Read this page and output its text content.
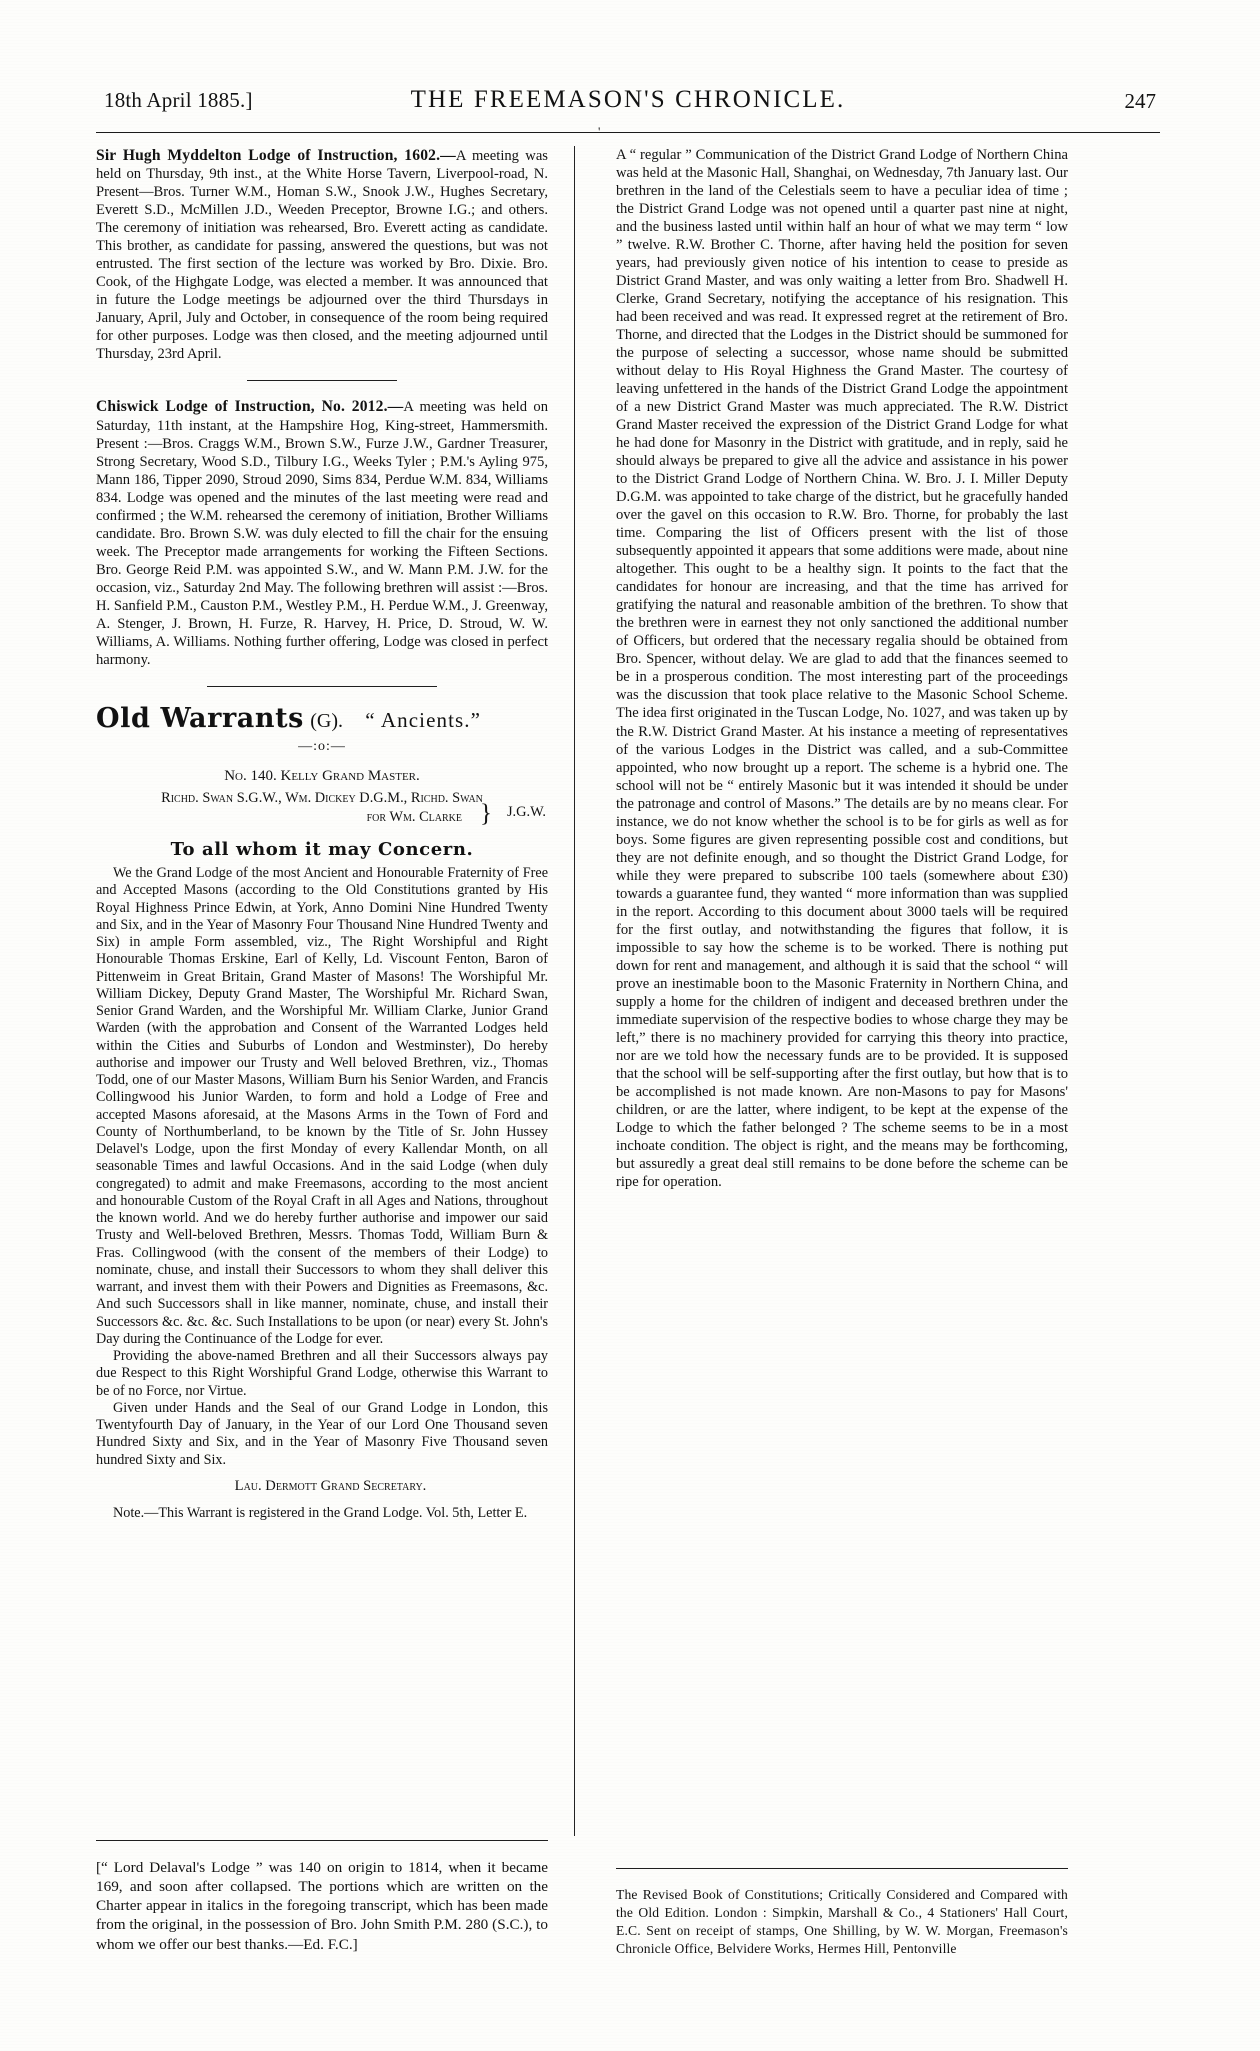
18th April 1885.]	THE FREEMASON'S CHRONICLE.	247
'

Sir Hugh Myddelton Lodge of Instruction, 1602.—A meeting was held on Thursday, 9th inst., at the White Horse Tavern, Liverpool-road, N. Present—Bros. Turner W.M., Homan S.W., Snook J.W., Hughes Secretary, Everett S.D., McMillen J.D., Weeden Preceptor, Browne I.G.; and others. The ceremony of initiation was rehearsed, Bro. Everett acting as candidate. This brother, as candidate for passing, answered the questions, but was not entrusted. The first section of the lecture was worked by Bro. Dixie. Bro. Cook, of the Highgate Lodge, was elected a member. It was announced that in future the Lodge meetings be adjourned over the third Thursdays in January, April, July and October, in consequence of the room being required for other purposes. Lodge was then closed, and the meeting adjourned until Thursday, 23rd April.

Chiswick Lodge of Instruction, No. 2012.—A meeting was held on Saturday, 11th instant, at the Hampshire Hog, King-street, Hammersmith. Present :—Bros. Craggs W.M., Brown S.W., Furze J.W., Gardner Treasurer, Strong Secretary, Wood S.D., Tilbury I.G., Weeks Tyler ; P.M.'s Ayling 975, Mann 186, Tipper 2090, Stroud 2090, Sims 834, Perdue W.M. 834, Williams 834. Lodge was opened and the minutes of the last meeting were read and confirmed ; the W.M. rehearsed the ceremony of initiation, Brother Williams candidate. Bro. Brown S.W. was duly elected to fill the chair for the ensuing week. The Preceptor made arrangements for working the Fifteen Sections. Bro. George Reid P.M. was appointed S.W., and W. Mann P.M. J.W. for the occasion, viz., Saturday 2nd May. The following brethren will assist :—Bros. H. Sanfield P.M., Causton P.M., Westley P.M., H. Perdue W.M., J. Greenway, A. Stenger, J. Brown, H. Furze, R. Harvey, H. Price, D. Stroud, W. W. Williams, A. Williams. Nothing further offering, Lodge was closed in perfect harmony.

Old Warrants (G). “ Ancients.”

—:o:—

No. 140. Kelly Grand Master.

Richd. Swan S.G.W., Wm. Dickey D.G.M., Richd. Swan
for Wm. Clarke } J.G.W.

To all whom it may Concern.

We the Grand Lodge of the most Ancient and Honourable Fraternity of Free and Accepted Masons (according to the Old Constitutions granted by His Royal Highness Prince Edwin, at York, Anno Domini Nine Hundred Twenty and Six, and in the Year of Masonry Four Thousand Nine Hundred Twenty and Six) in ample Form assembled, viz., The Right Worshipful and Right Honourable Thomas Erskine, Earl of Kelly, Ld. Viscount Fenton, Baron of Pittenweim in Great Britain, Grand Master of Masons! The Worshipful Mr. William Dickey, Deputy Grand Master, The Worshipful Mr. Richard Swan, Senior Grand Warden, and the Worshipful Mr. William Clarke, Junior Grand Warden (with the approbation and Consent of the Warranted Lodges held within the Cities and Suburbs of London and Westminster), Do hereby authorise and impower our Trusty and Well beloved Brethren, viz., Thomas Todd, one of our Master Masons, William Burn his Senior Warden, and Francis Collingwood his Junior Warden, to form and hold a Lodge of Free and accepted Masons aforesaid, at the Masons Arms in the Town of Ford and County of Northumberland, to be known by the Title of Sr. John Hussey Delavel's Lodge, upon the first Monday of every Kallendar Month, on all seasonable Times and lawful Occasions. And in the said Lodge (when duly congregated) to admit and make Freemasons, according to the most ancient and honourable Custom of the Royal Craft in all Ages and Nations, throughout the known world. And we do hereby further authorise and impower our said Trusty and Well-beloved Brethren, Messrs. Thomas Todd, William Burn & Fras. Collingwood (with the consent of the members of their Lodge) to nominate, chuse, and install their Successors to whom they shall deliver this warrant, and invest them with their Powers and Dignities as Freemasons, &c. And such Successors shall in like manner, nominate, chuse, and install their Successors &c. &c. &c. Such Installations to be upon (or near) every St. John's Day during the Continuance of the Lodge for ever.

Providing the above-named Brethren and all their Successors always pay due Respect to this Right Worshipful Grand Lodge, otherwise this Warrant to be of no Force, nor Virtue.

Given under Hands and the Seal of our Grand Lodge in London, this Twentyfourth Day of January, in the Year of our Lord One Thousand seven Hundred Sixty and Six, and in the Year of Masonry Five Thousand seven hundred Sixty and Six.

Lau. Dermott Grand Secretary.

Note.—This Warrant is registered in the Grand Lodge. Vol. 5th, Letter E.

A “ regular ” Communication of the District Grand Lodge of Northern China was held at the Masonic Hall, Shanghai, on Wednesday, 7th January last. Our brethren in the land of the Celestials seem to have a peculiar idea of time ; the District Grand Lodge was not opened until a quarter past nine at night, and the business lasted until within half an hour of what we may term “ low ” twelve. R.W. Brother C. Thorne, after having held the position for seven years, had previously given notice of his intention to cease to preside as District Grand Master, and was only waiting a letter from Bro. Shadwell H. Clerke, Grand Secretary, notifying the acceptance of his resignation. This had been received and was read. It expressed regret at the retirement of Bro. Thorne, and directed that the Lodges in the District should be summoned for the purpose of selecting a successor, whose name should be submitted without delay to His Royal Highness the Grand Master. The courtesy of leaving unfettered in the hands of the District Grand Lodge the appointment of a new District Grand Master was much appreciated. The R.W. District Grand Master received the expression of the District Grand Lodge for what he had done for Masonry in the District with gratitude, and in reply, said he should always be prepared to give all the advice and assistance in his power to the District Grand Lodge of Northern China. W. Bro. J. I. Miller Deputy D.G.M. was appointed to take charge of the district, but he gracefully handed over the gavel on this occasion to R.W. Bro. Thorne, for probably the last time. Comparing the list of Officers present with the list of those subsequently appointed it appears that some additions were made, about nine altogether. This ought to be a healthy sign. It points to the fact that the candidates for honour are increasing, and that the time has arrived for gratifying the natural and reasonable ambition of the brethren. To show that the brethren were in earnest they not only sanctioned the additional number of Officers, but ordered that the necessary regalia should be obtained from Bro. Spencer, without delay. We are glad to add that the finances seemed to be in a prosperous condition. The most interesting part of the proceedings was the discussion that took place relative to the Masonic School Scheme. The idea first originated in the Tuscan Lodge, No. 1027, and was taken up by the R.W. District Grand Master. At his instance a meeting of representatives of the various Lodges in the District was called, and a sub-Committee appointed, who now brought up a report. The scheme is a hybrid one. The school will not be “ entirely Masonic but it was intended it should be under the patronage and control of Masons.” The details are by no means clear. For instance, we do not know whether the school is to be for girls as well as for boys. Some figures are given representing possible cost and conditions, but they are not definite enough, and so thought the District Grand Lodge, for while they were prepared to subscribe 100 taels (somewhere about £30) towards a guarantee fund, they wanted “ more information than was supplied in the report. According to this document about 3000 taels will be required for the first outlay, and notwithstanding the figures that follow, it is impossible to say how the scheme is to be worked. There is nothing put down for rent and management, and although it is said that the school “ will prove an inestimable boon to the Masonic Fraternity in Northern China, and supply a home for the children of indigent and deceased brethren under the immediate supervision of the respective bodies to whose charge they may be left,” there is no machinery provided for carrying this theory into practice, nor are we told how the necessary funds are to be provided. It is supposed that the school will be self-supporting after the first outlay, but how that is to be accomplished is not made known. Are non-Masons to pay for Masons' children, or are the latter, where indigent, to be kept at the expense of the Lodge to which the father belonged ? The scheme seems to be in a most inchoate condition. The object is right, and the means may be forthcoming, but assuredly a great deal still remains to be done before the scheme can be ripe for operation.

[“ Lord Delaval's Lodge ” was 140 on origin to 1814, when it became 169, and soon after collapsed. The portions which are written on the Charter appear in italics in the foregoing transcript, which has been made from the original, in the possession of Bro. John Smith P.M. 280 (S.C.), to whom we offer our best thanks.—Ed. F.C.]

The Revised Book of Constitutions; Critically Considered and Compared with the Old Edition. London : Simpkin, Marshall & Co., 4 Stationers' Hall Court, E.C. Sent on receipt of stamps, One Shilling, by W. W. Morgan, Freemason's Chronicle Office, Belvidere Works, Hermes Hill, Pentonville
